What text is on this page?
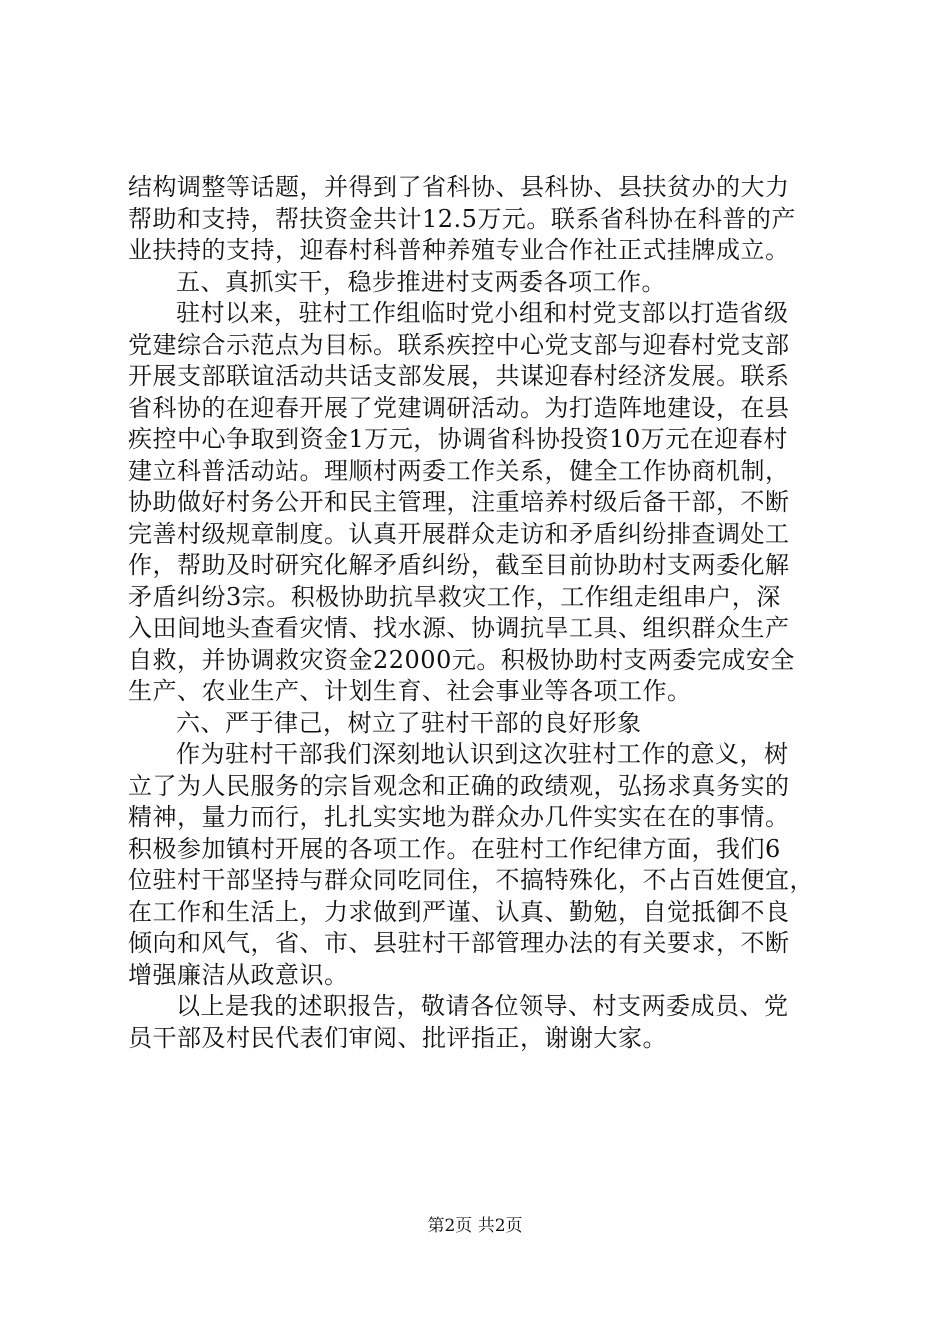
结构调整等话题，并得到了省科协、县科协、县扶贫办的大力
帮助和支持，帮扶资金共计12.5万元。联系省科协在科普的产
业扶持的支持，迎春村科普种养殖专业合作社正式挂牌成立。
五、真抓实干，稳步推进村支两委各项工作。
驻村以来，驻村工作组临时党小组和村党支部以打造省级
党建综合示范点为目标。联系疾控中心党支部与迎春村党支部
开展支部联谊活动共话支部发展，共谋迎春村经济发展。联系
省科协的在迎春开展了党建调研活动。为打造阵地建设，在县
疾控中心争取到资金1万元，协调省科协投资10万元在迎春村
建立科普活动站。理顺村两委工作关系，健全工作协商机制，
协助做好村务公开和民主管理，注重培养村级后备干部，不断
完善村级规章制度。认真开展群众走访和矛盾纠纷排查调处工
作，帮助及时研究化解矛盾纠纷，截至目前协助村支两委化解
矛盾纠纷3宗。积极协助抗旱救灾工作，工作组走组串户，深
入田间地头查看灾情、找水源、协调抗旱工具、组织群众生产
自救，并协调救灾资金22000元。积极协助村支两委完成安全
生产、农业生产、计划生育、社会事业等各项工作。
六、严于律己，树立了驻村干部的良好形象
作为驻村干部我们深刻地认识到这次驻村工作的意义，树
立了为人民服务的宗旨观念和正确的政绩观，弘扬求真务实的
精神，量力而行，扎扎实实地为群众办几件实实在在的事情。
积极参加镇村开展的各项工作。在驻村工作纪律方面，我们6
位驻村干部坚持与群众同吃同住，不搞特殊化，不占百姓便宜，
在工作和生活上，力求做到严谨、认真、勤勉，自觉抵御不良
倾向和风气，省、市、县驻村干部管理办法的有关要求，不断
增强廉洁从政意识。
以上是我的述职报告，敬请各位领导、村支两委成员、党
员干部及村民代表们审阅、批评指正，谢谢大家。
第2页 共2页
